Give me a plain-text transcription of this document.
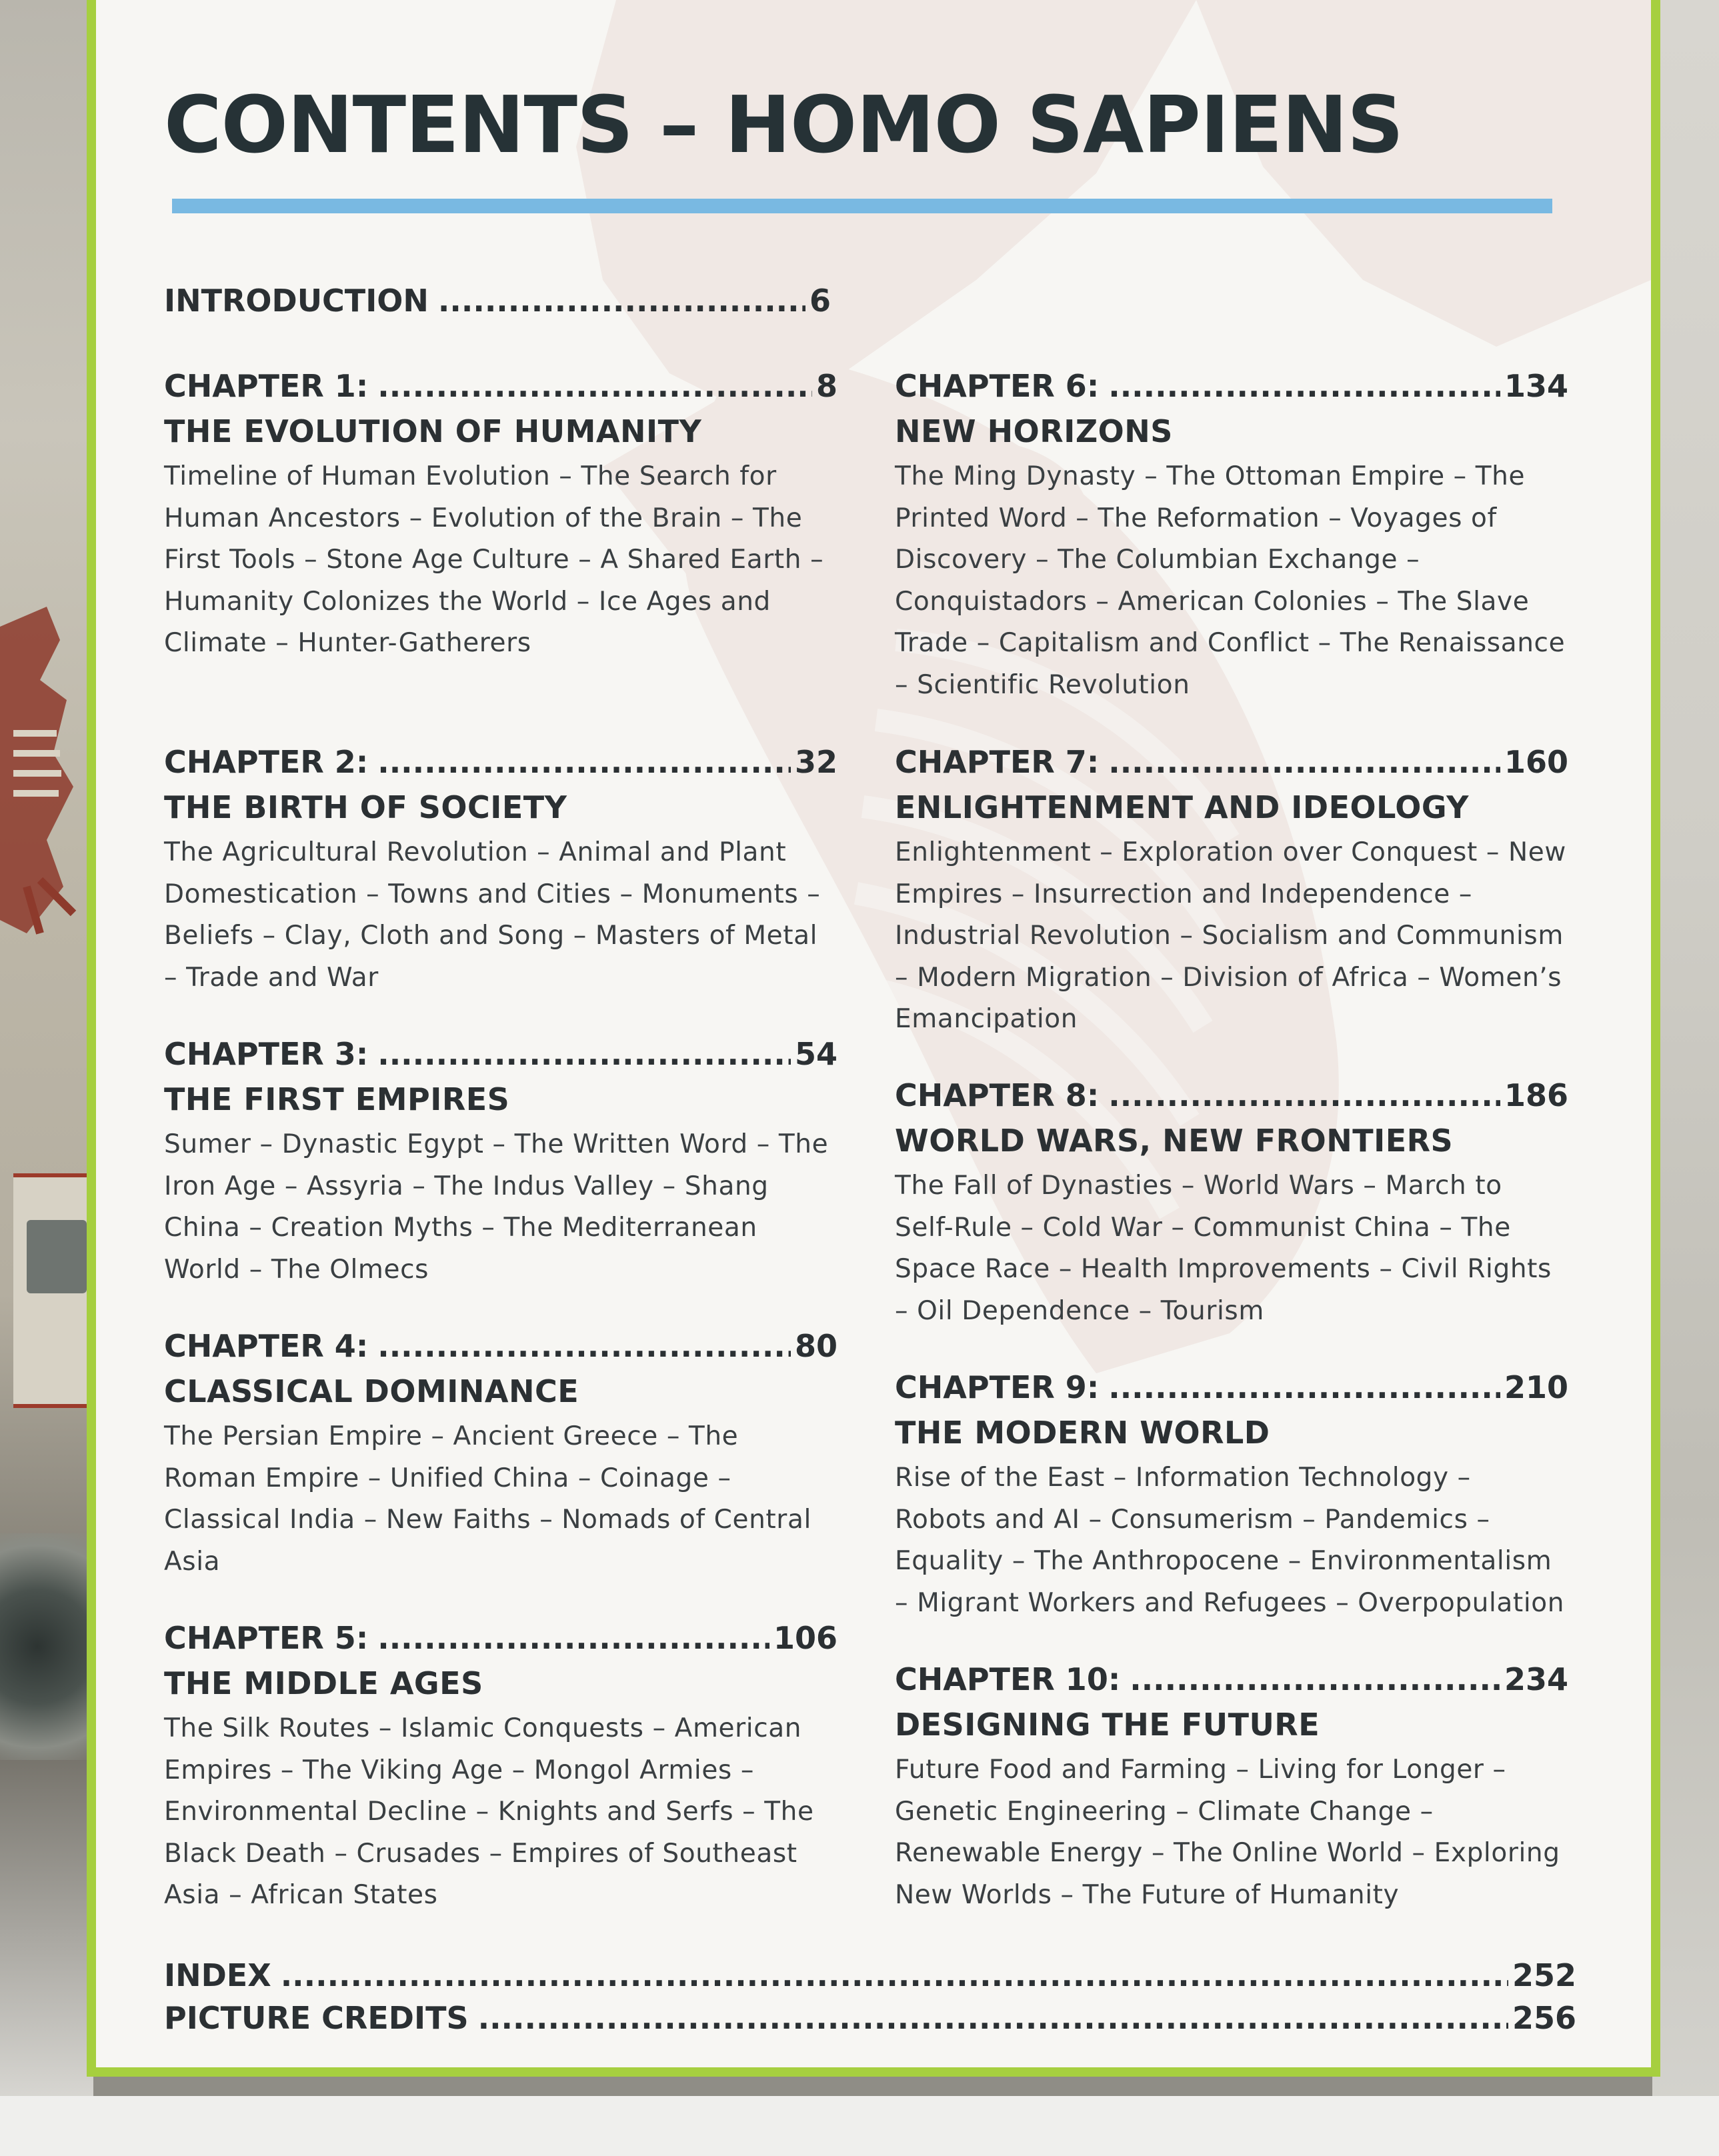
CONTENTS – HOMO SAPIENS
INTRODUCTION .....	6
CHAPTER 1: .....	8

THE EVOLUTION OF HUMANITY

Timeline of Human Evolution – The Search for Human Ancestors – Evolution of the Brain – The First Tools – Stone Age Culture – A Shared Earth – Humanity Colonizes the World – Ice Ages and Climate – Hunter-Gatherers

CHAPTER 2: .....	32

THE BIRTH OF SOCIETY

The Agricultural Revolution – Animal and Plant Domestication – Towns and Cities – Monuments – Beliefs – Clay, Cloth and Song – Masters of Metal – Trade and War

CHAPTER 3: .....	54

THE FIRST EMPIRES

Sumer – Dynastic Egypt – The Written Word – The Iron Age – Assyria – The Indus Valley – Shang China – Creation Myths – The Mediterranean World – The Olmecs

CHAPTER 4: .....	80

CLASSICAL DOMINANCE

The Persian Empire – Ancient Greece – The Roman Empire – Unified China – Coinage – Classical India – New Faiths – Nomads of Central Asia

CHAPTER 5: .....	106

THE MIDDLE AGES

The Silk Routes – Islamic Conquests – American Empires – The Viking Age – Mongol Armies – Environmental Decline – Knights and Serfs – The Black Death – Crusades – Empires of Southeast Asia – African States

CHAPTER 6: .....	134

NEW HORIZONS

The Ming Dynasty – The Ottoman Empire – The Printed Word – The Reformation – Voyages of Discovery – The Columbian Exchange – Conquistadors – American Colonies – The Slave Trade – Capitalism and Conflict – The Renaissance – Scientific Revolution

CHAPTER 7: .....	160

ENLIGHTENMENT AND IDEOLOGY

Enlightenment – Exploration over Conquest – New Empires – Insurrection and Independence – Industrial Revolution – Socialism and Communism – Modern Migration – Division of Africa – Women’s Emancipation

CHAPTER 8: .....	186

WORLD WARS, NEW FRONTIERS

The Fall of Dynasties – World Wars – March to Self-Rule – Cold War – Communist China – The Space Race – Health Improvements – Civil Rights – Oil Dependence – Tourism

CHAPTER 9: .....	210

THE MODERN WORLD

Rise of the East – Information Technology – Robots and AI – Consumerism – Pandemics – Equality – The Anthropocene – Environmentalism – Migrant Workers and Refugees – Overpopulation

CHAPTER 10: .....	234

DESIGNING THE FUTURE

Future Food and Farming – Living for Longer – Genetic Engineering – Climate Change – Renewable Energy – The Online World – Exploring New Worlds – The Future of Humanity

INDEX .....	252
PICTURE CREDITS .....	256
